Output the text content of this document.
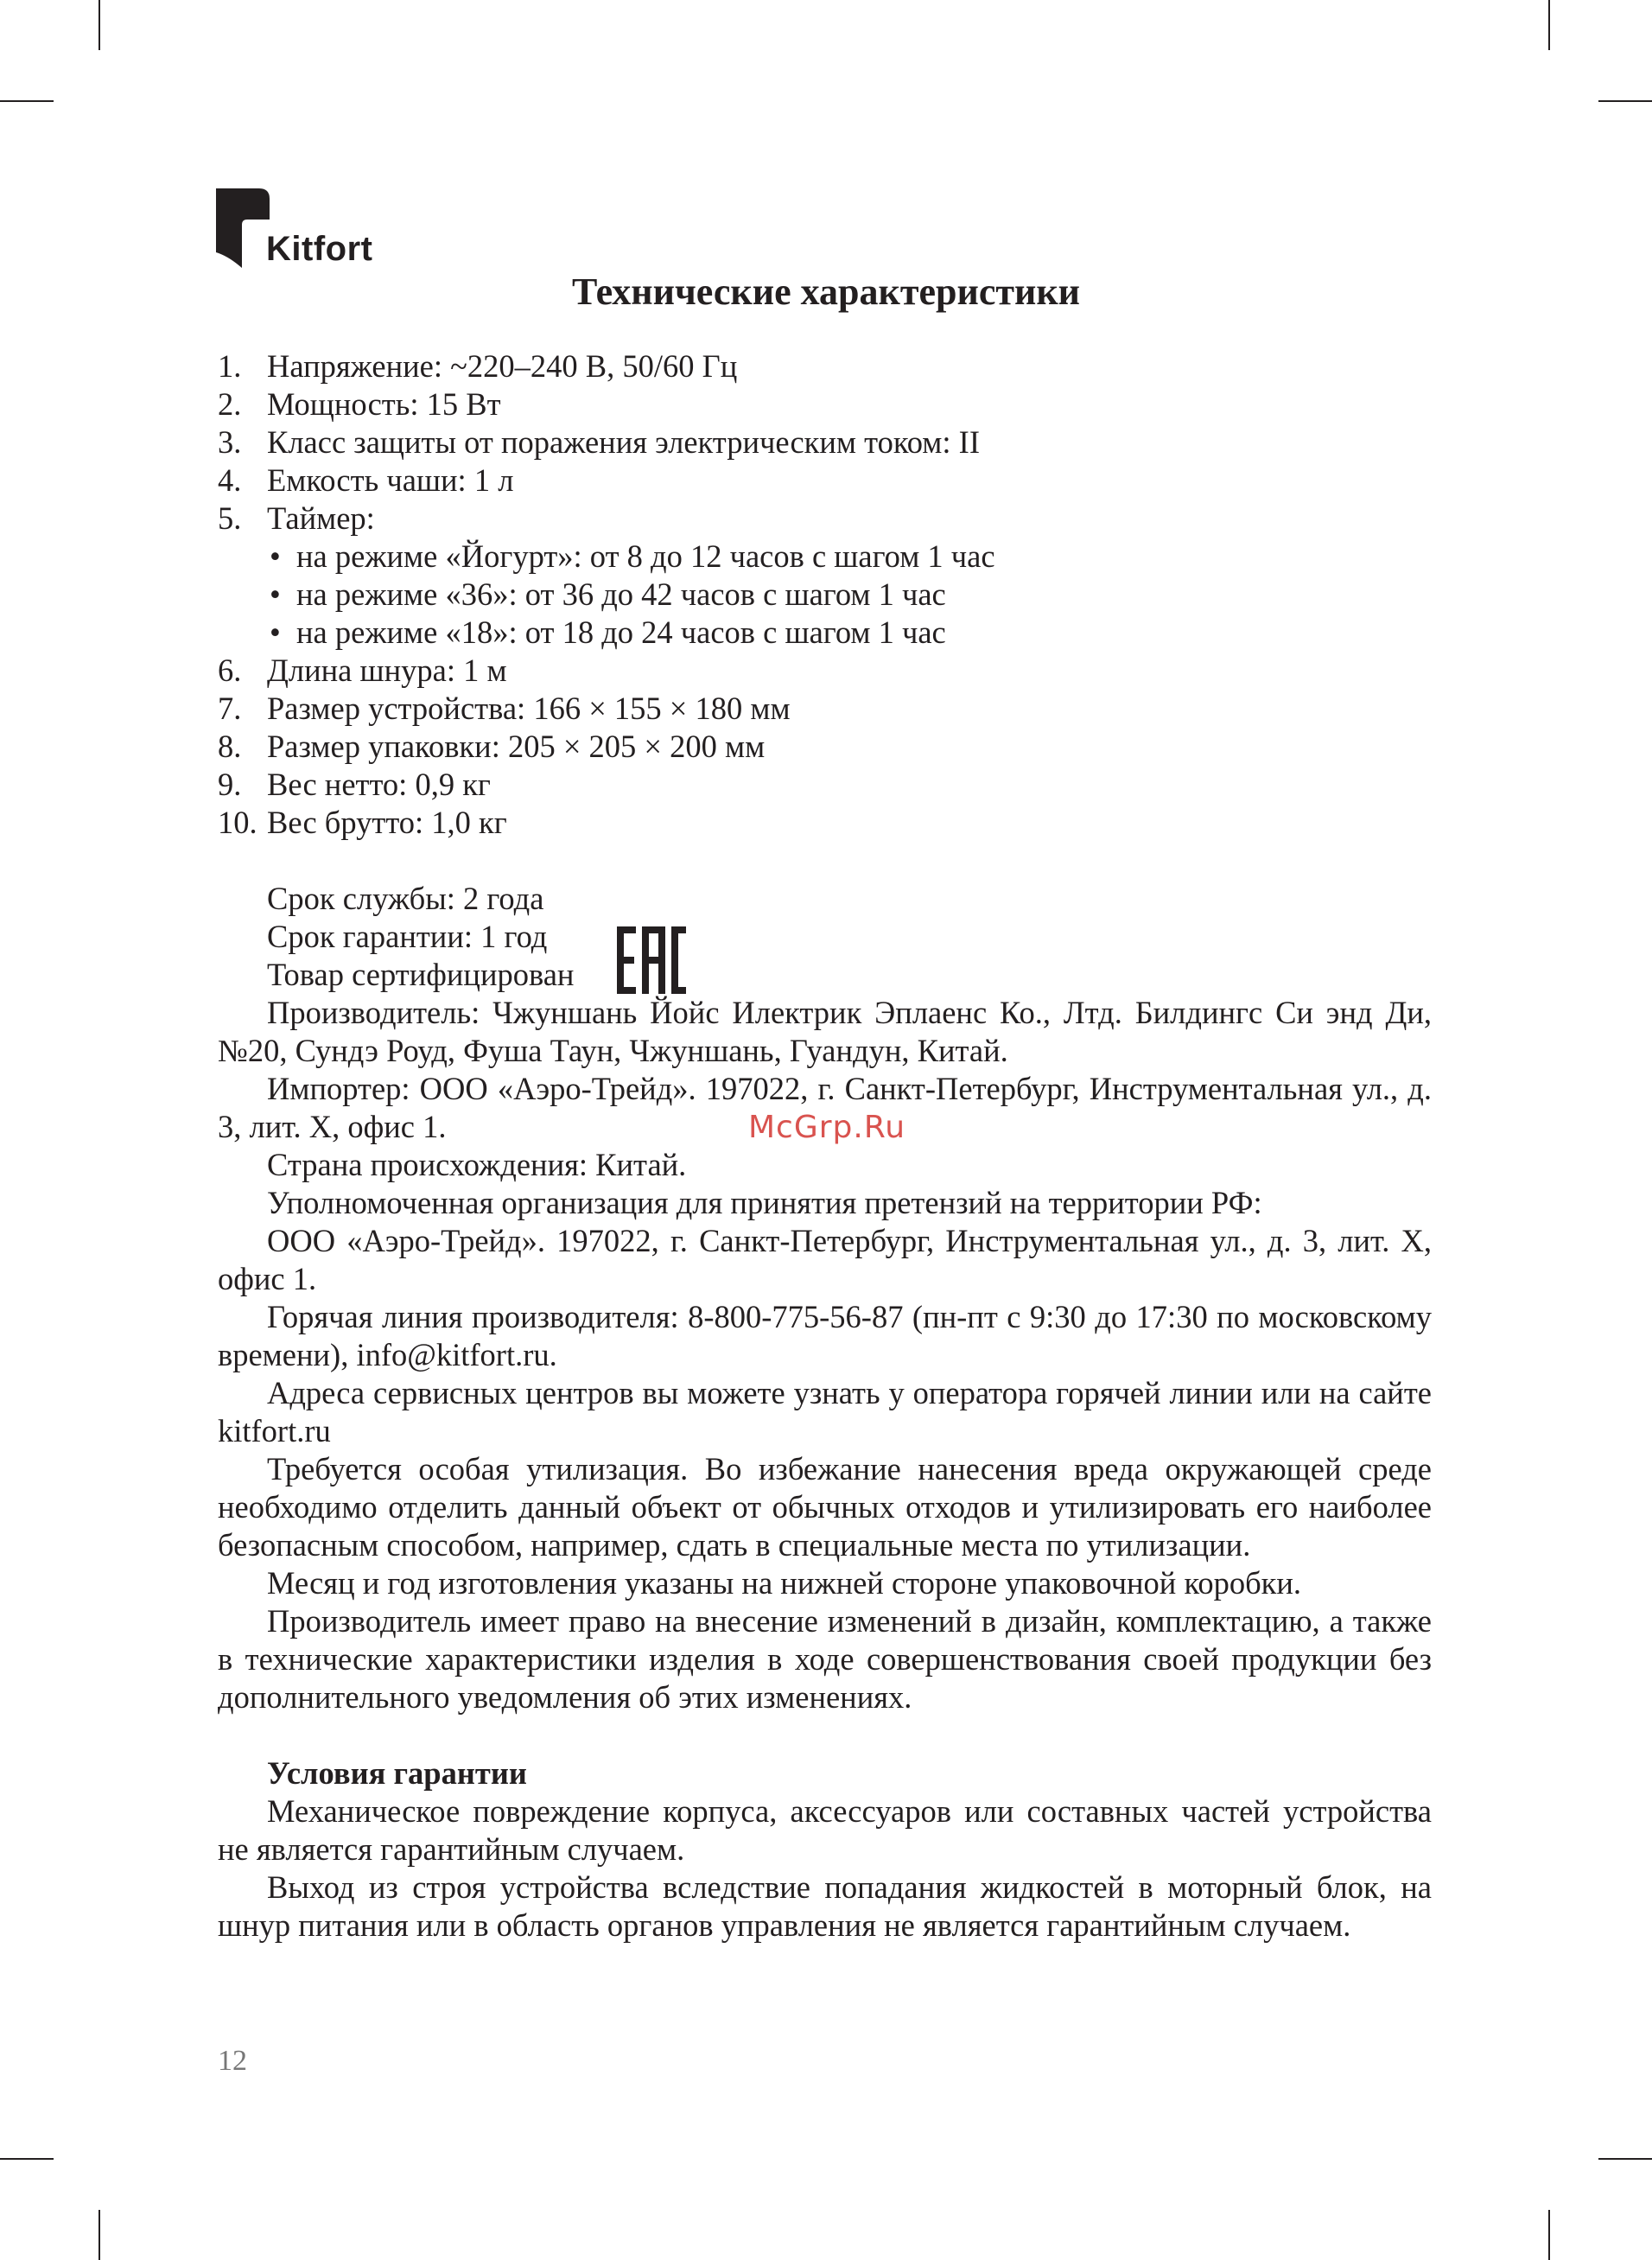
Kitfort
Технические характеристики
1. Напряжение: ~220–240 В, 50/60 Гц
2. Мощность: 15 Вт
3. Класс защиты от поражения электрическим током: II
4. Емкость чаши: 1 л
5. Таймер:
• на режиме «Йогурт»: от 8 до 12 часов с шагом 1 час
• на режиме «36»: от 36 до 42 часов с шагом 1 час
• на режиме «18»: от 18 до 24 часов с шагом 1 час
6. Длина шнура: 1 м
7. Размер устройства: 166 × 155 × 180 мм
8. Размер упаковки: 205 × 205 × 200 мм
9. Вес нетто: 0,9 кг
10. Вес брутто: 1,0 кг

Срок службы: 2 года

Срок гарантии: 1 год

Товар сертифицирован

Производитель: Чжуншань Йойс Илектрик Эплаенс Ко., Лтд. Билдингс Си энд Ди, №20, Сундэ Роуд, Фуша Таун, Чжуншань, Гуандун, Китай.

Импортер: ООО «Аэро-Трейд». 197022, г. Санкт-Петербург, Инструментальная ул., д. 3, лит. Х, офис 1.

Страна происхождения: Китай.

Уполномоченная организация для принятия претензий на территории РФ:

ООО «Аэро-Трейд». 197022, г. Санкт-Петербург, Инструментальная ул., д. 3, лит. Х, офис 1.

Горячая линия производителя: 8-800-775-56-87 (пн-пт с 9:30 до 17:30 по московскому времени), info@kitfort.ru.

Адреса сервисных центров вы можете узнать у оператора горячей линии или на сайте kitfort.ru

Требуется особая утилизация. Во избежание нанесения вреда окружающей среде необходимо отделить данный объект от обычных отходов и утилизировать его наиболее безопасным способом, например, сдать в специальные места по утилизации.

Месяц и год изготовления указаны на нижней стороне упаковочной коробки.

Производитель имеет право на внесение изменений в дизайн, комплектацию, а также в технические характеристики изделия в ходе совершенствования своей продукции без дополнительного уведомления об этих изменениях.

Условия гарантии

Механическое повреждение корпуса, аксессуаров или составных частей устройства не является гарантийным случаем.

Выход из строя устройства вследствие попадания жидкостей в моторный блок, на шнур питания или в область органов управления не является гарантийным случаем.

McGrp.Ru
12
